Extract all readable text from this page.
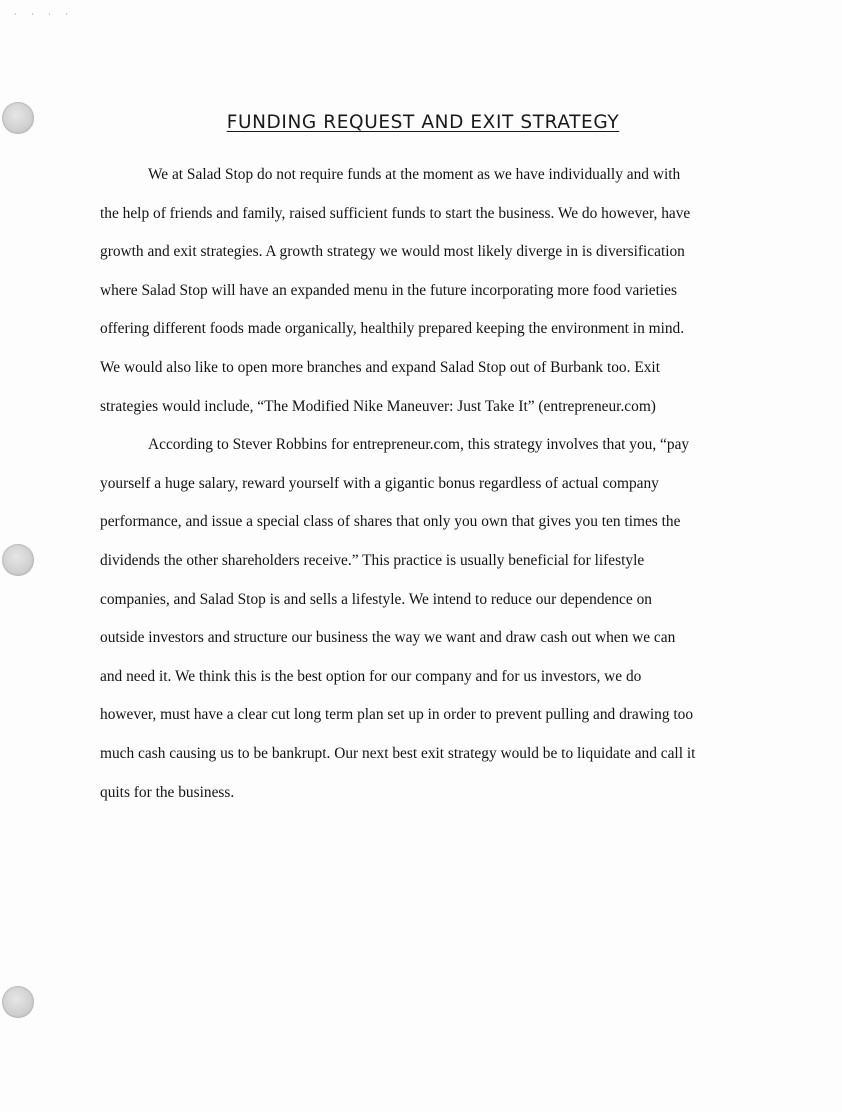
· · · ·
FUNDING REQUEST AND EXIT STRATEGY

We at Salad Stop do not require funds at the moment as we have individually and with
the help of friends and family, raised sufficient funds to start the business. We do however, have
growth and exit strategies. A growth strategy we would most likely diverge in is diversification
where Salad Stop will have an expanded menu in the future incorporating more food varieties
offering different foods made organically, healthily prepared keeping the environment in mind.
We would also like to open more branches and expand Salad Stop out of Burbank too. Exit
strategies would include, “The Modified Nike Maneuver: Just Take It” (entrepreneur.com)

According to Stever Robbins for entrepreneur.com, this strategy involves that you, “pay
yourself a huge salary, reward yourself with a gigantic bonus regardless of actual company
performance, and issue a special class of shares that only you own that gives you ten times the
dividends the other shareholders receive.” This practice is usually beneficial for lifestyle
companies, and Salad Stop is and sells a lifestyle. We intend to reduce our dependence on
outside investors and structure our business the way we want and draw cash out when we can
and need it. We think this is the best option for our company and for us investors, we do
however, must have a clear cut long term plan set up in order to prevent pulling and drawing too
much cash causing us to be bankrupt. Our next best exit strategy would be to liquidate and call it
quits for the business.
